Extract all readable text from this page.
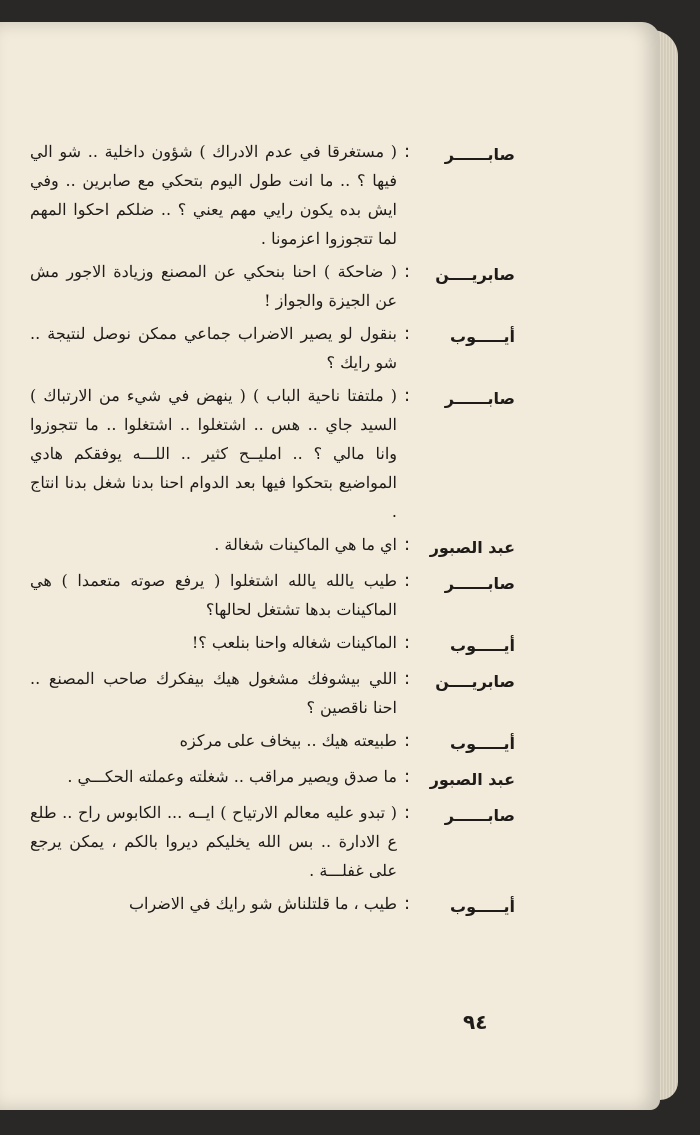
صابــــــر
:
( مستغرقا في عدم الادراك ) شؤون داخلية .. شو الي فيها ؟ .. ما انت طول اليوم بتحكي مع صابرين .. وفي ايش بده يكون رايي مهم يعني ؟ .. ضلكم احكوا المهم لما تتجوزوا اعزمونا .
صابريــــن
:
( ضاحكة ) احنا بنحكي عن المصنع وزيادة الاجور مش عن الجيزة والجواز !
أيـــــوب
:
بنقول لو يصير الاضراب جماعي ممكن نوصل لنتيجة .. شو رايك ؟
صابــــــر
:
( ملتفتا ناحية الباب ) ( ينهض في شيء من الارتباك ) السيد جاي .. هس .. اشتغلوا .. اشتغلوا .. ما تتجوزوا وانا مالي ؟ .. امليــح كثير .. اللـــه يوفقكم هادي المواضيع بتحكوا فيها بعد الدوام احنا بدنا شغل بدنا انتاج .
عبد الصبور
:
اي ما هي الماكينات شغالة .
صابــــــر
:
طيب يالله يالله اشتغلوا ( يرفع صوته متعمدا ) هي الماكينات بدها تشتغل لحالها؟
أيـــــوب
:
الماكينات شغاله واحنا بنلعب ؟!
صابريــــن
:
اللي بيشوفك مشغول هيك بيفكرك صاحب المصنع .. احنا ناقصين ؟
أيـــــوب
:
طبيعته هيك .. بيخاف على مركزه
عبد الصبور
:
ما صدق ويصير مراقب .. شغلته وعملته الحكـــي .
صابــــــر
:
( تبدو عليه معالم الارتياح ) ايــه ... الكابوس راح .. طلع ع الادارة .. بس الله يخليكم ديروا بالكم ، يمكن يرجع على غفلـــة .
أيـــــوب
:
طيب ، ما قلتلناش شو رايك في الاضراب
٩٤
